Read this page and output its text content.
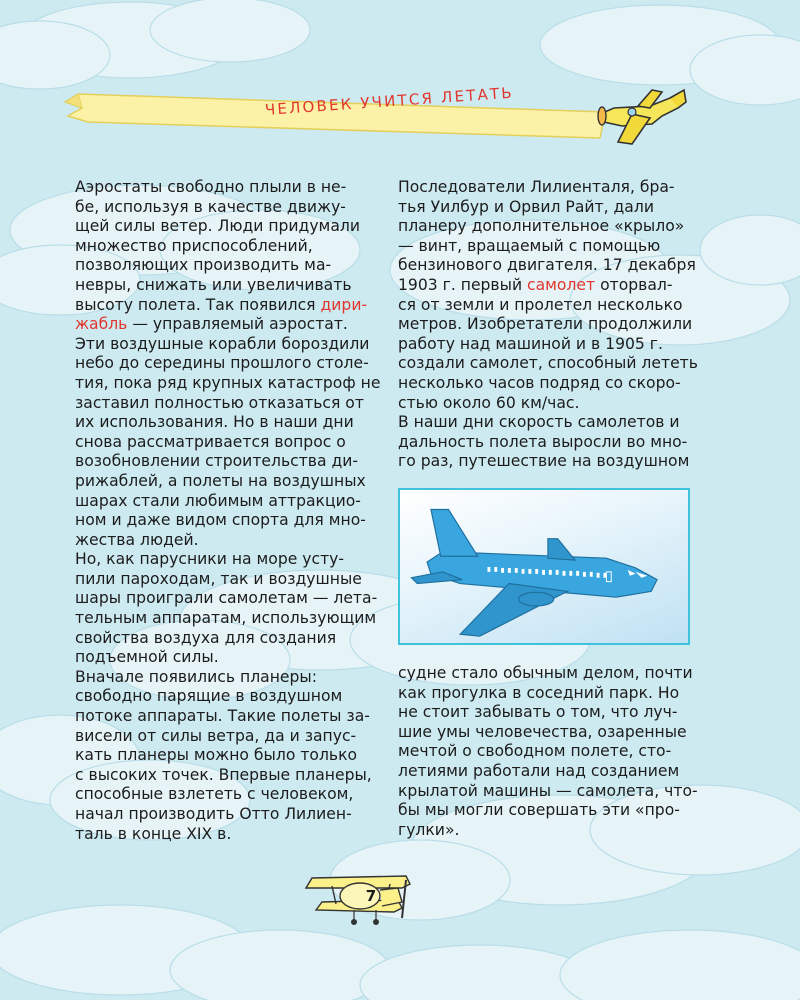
ЧЕЛОВЕК УЧИТСЯ ЛЕТАТЬ
Аэростаты свободно плыли в не-
бе, используя в качестве движу-
щей силы ветер. Люди придумали
множество приспособлений,
позволяющих производить ма-
невры, снижать или увеличивать
высоту полета. Так появился дири-
жабль — управляемый аэростат.
Эти воздушные корабли бороздили
небо до середины прошлого столе-
тия, пока ряд крупных катастроф не
заставил полностью отказаться от
их использования. Но в наши дни
снова рассматривается вопрос о
возобновлении строительства ди-
рижаблей, а полеты на воздушных
шарах стали любимым аттракцио-
ном и даже видом спорта для мно-
жества людей.
Но, как парусники на море усту-
пили пароходам, так и воздушные
шары проиграли самолетам — лета-
тельным аппаратам, использующим
свойства воздуха для создания
подъемной силы.
Вначале появились планеры:
свободно парящие в воздушном
потоке аппараты. Такие полеты за-
висели от силы ветра, да и запус-
кать планеры можно было только
с высоких точек. Впервые планеры,
способные взлететь с человеком,
начал производить Отто Лилиен-
таль в конце XIX в.
Последователи Лилиенталя, бра-
тья Уилбур и Орвил Райт, дали
планеру дополнительное «крыло»
— винт, вращаемый с помощью
бензинового двигателя. 17 декабря
1903 г. первый самолет оторвал-
ся от земли и пролетел несколько
метров. Изобретатели продолжили
работу над машиной и в 1905 г.
создали самолет, способный лететь
несколько часов подряд со скоро-
стью около 60 км/час.
В наши дни скорость самолетов и
дальность полета выросли во мно-
го раз, путешествие на воздушном
судне стало обычным делом, почти
как прогулка в соседний парк. Но
не стоит забывать о том, что луч-
шие умы человечества, озаренные
мечтой о свободном полете, сто-
летиями работали над созданием
крылатой машины — самолета, что-
бы мы могли совершать эти «про-
гулки».
7
